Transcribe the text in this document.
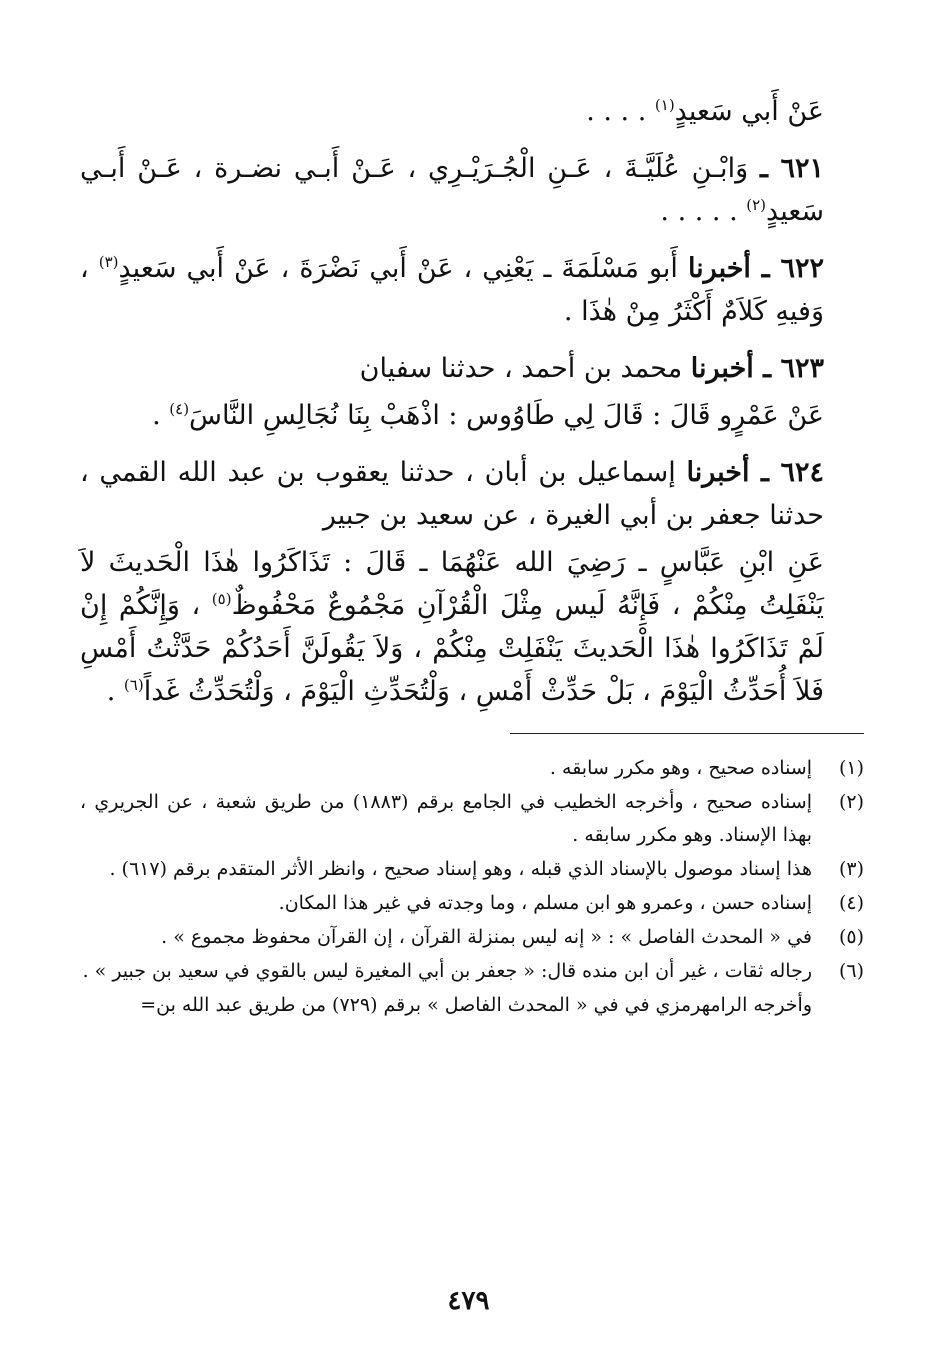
عَنْ أَبي سَعيدٍ$^{(١)}$ . . . .

٦٢١ ـ وَابْـنِ عُلَيَّـةَ ، عَـنِ الْجُـرَيْـرِي ، عَـنْ أَبـي نضـرة ، عَـنْ أَبـي سَعيدٍ$^{(٢)}$ . . . . .

٦٢٢ ـ أخبرنا أَبو مَسْلَمَةَ ـ يَعْنِي ، عَنْ أَبي نَضْرَةَ ، عَنْ أَبي سَعيدٍ$^{(٣)}$ ، وَفيهِ كَلاَمٌ أَكْثَرُ مِنْ هٰذَا .

٦٢٣ ـ أخبرنا محمد بن أحمد ، حدثنا سفيان

عَنْ عَمْرٍو قَالَ : قَالَ لِي طَاوُوس : اذْهَبْ بِنَا نُجَالِسِ النَّاسَ$^{(٤)}$ .

٦٢٤ ـ أخبرنا إسماعيل بن أبان ، حدثنا يعقوب بن عبد الله القمي ، حدثنا جعفر بن أبي الغيرة ، عن سعيد بن جبير

عَنِ ابْنِ عَبَّاسٍ ـ رَضِيَ الله عَنْهُمَا ـ قَالَ : تَذَاكَرُوا هٰذَا الْحَديثَ لاَ يَنْفَلِتُ مِنْكُمْ ، فَإِنَّهُ لَيس مِثْلَ الْقُرْآنِ مَجْمُوعٌ مَحْفُوظٌ$^{(٥)}$ ، وَإِنَّكُمْ إِنْ لَمْ تَذَاكَرُوا هٰذَا الْحَديثَ يَنْفَلِتْ مِنْكُمْ ، وَلاَ يَقُولَنَّ أَحَدُكُمْ حَدَّثْتُ أَمْسِ فَلاَ أُحَدِّثُ الْيَوْمَ ، بَلْ حَدِّثْ أَمْسِ ، وَلْتُحَدِّثِ الْيَوْمَ ، وَلْتُحَدِّثُ غَداً$^{(٦)}$ .

(١)
إسناده صحيح ، وهو مكرر سابقه .
(٢)
إسناده صحيح ، وأخرجه الخطيب في الجامع برقم (١٨٨٣) من طريق شعبة ، عن الجريري ، بهذا الإسناد. وهو مكرر سابقه .
(٣)
هذا إسناد موصول بالإسناد الذي قبله ، وهو إسناد صحيح ، وانظر الأثر المتقدم برقم (٦١٧) .
(٤)
إسناده حسن ، وعمرو هو ابن مسلم ، وما وجدته في غير هذا المكان.
(٥)
في « المحدث الفاصل » : « إنه ليس بمنزلة القرآن ، إن القرآن محفوظ مجموع » .
(٦)
رجاله ثقات ، غير أن ابن منده قال: « جعفر بن أبي المغيرة ليس بالقوي في سعيد بن جبير » .
وأخرجه الرامهرمزي في في « المحدث الفاصل » برقم (٧٢٩) من طريق عبد الله بن=
٤٧٩
